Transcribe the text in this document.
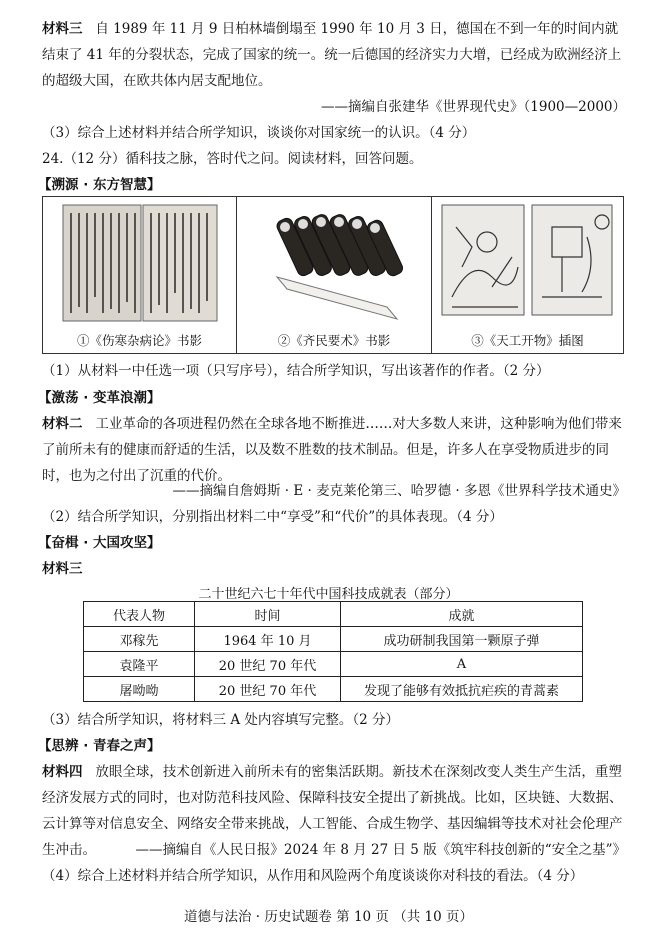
材料三 自 1989 年 11 月 9 日柏林墙倒塌至 1990 年 10 月 3 日，德国在不到一年的时间内就结束了 41 年的分裂状态，完成了国家的统一。统一后德国的经济实力大增，已经成为欧洲经济上的超级大国，在欧共体内居支配地位。

——摘编自张建华《世界现代史》（1900—2000）

（3）综合上述材料并结合所学知识，谈谈你对国家统一的认识。（4 分）

24.（12 分）循科技之脉，答时代之问。阅读材料，回答问题。

【溯源 · 东方智慧】

①《伤寒杂病论》书影	②《齐民要术》书影	③《天工开物》插图

（1）从材料一中任选一项（只写序号），结合所学知识，写出该著作的作者。（2 分）

【激荡 · 变革浪潮】

材料二 工业革命的各项进程仍然在全球各地不断推进……对大多数人来讲，这种影响为他们带来了前所未有的健康而舒适的生活，以及数不胜数的技术制品。但是，许多人在享受物质进步的同时，也为之付出了沉重的代价。

——摘编自詹姆斯 · E · 麦克莱伦第三、哈罗德 · 多恩《世界科学技术通史》

（2）结合所学知识，分别指出材料二中“享受”和“代价”的具体表现。（4 分）

【奋楫 · 大国攻坚】

材料三

二十世纪六七十年代中国科技成就表（部分）
代表人物	时间	成就
邓稼先	1964 年 10 月	成功研制我国第一颗原子弹
袁隆平	20 世纪 70 年代	A
屠呦呦	20 世纪 70 年代	发现了能够有效抵抗疟疾的青蒿素

（3）结合所学知识，将材料三 A 处内容填写完整。（2 分）

【思辨 · 青春之声】

材料四 放眼全球，技术创新进入前所未有的密集活跃期。新技术在深刻改变人类生产生活，重塑经济发展方式的同时，也对防范科技风险、保障科技安全提出了新挑战。比如，区块链、大数据、云计算等对信息安全、网络安全带来挑战，人工智能、合成生物学、基因编辑等技术对社会伦理产生冲击。	——摘编自《人民日报》2024 年 8 月 27 日 5 版《筑牢科技创新的“安全之基”》

（4）综合上述材料并结合所学知识，从作用和风险两个角度谈谈你对科技的看法。（4 分）

道德与法治 · 历史试题卷 第 10 页 （共 10 页）
